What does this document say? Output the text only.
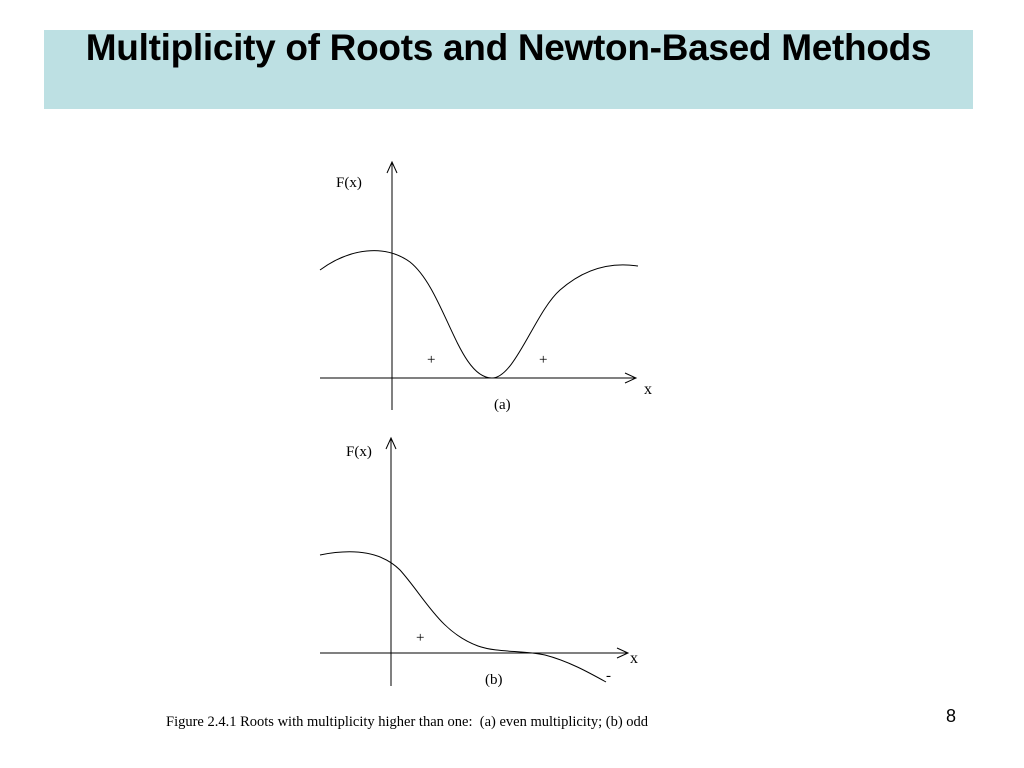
Multiplicity of Roots and Newton-Based Methods
F(x)
x
+	+
(a)
F(x)
x
+
-
(b)

Figure 2.4.1 Roots with multiplicity higher than one:  (a) even multiplicity; (b) odd	8
